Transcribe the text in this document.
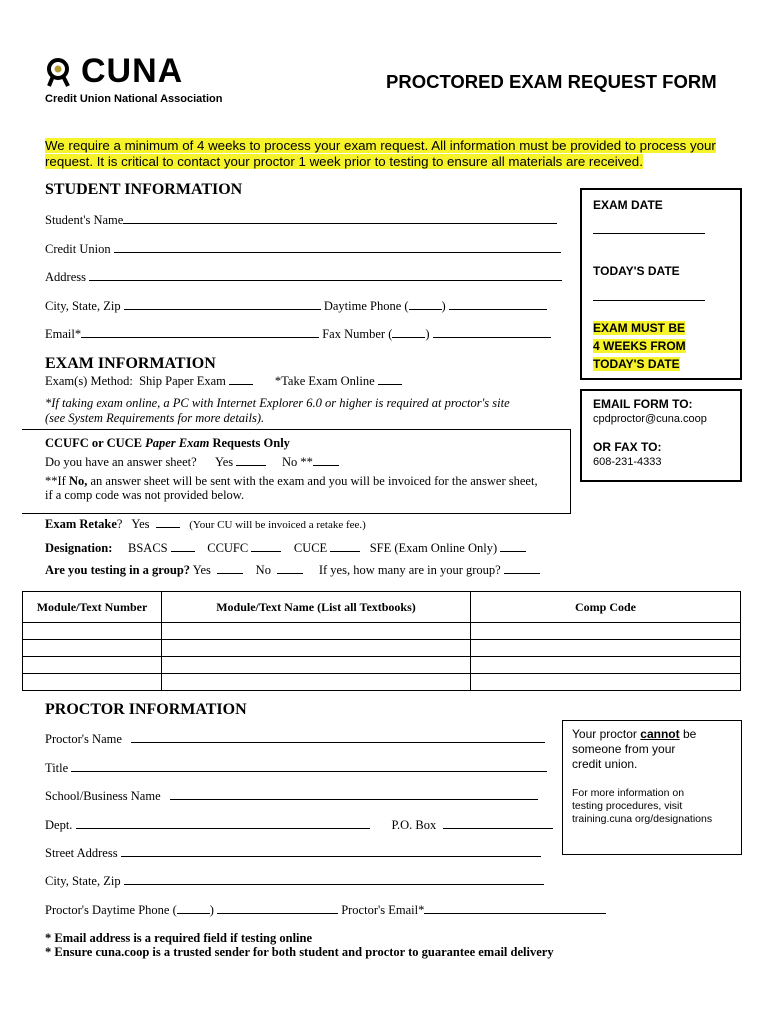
CUNA
Credit Union National Association
PROCTORED EXAM REQUEST FORM
We require a minimum of 4 weeks to process your exam request. All information must be provided to process your
request. It is critical to contact your proctor 1 week prior to testing to ensure all materials are received.
STUDENT INFORMATION
Student's Name
Credit Union
Address
City, State, Zip	Daytime Phone (	)
Email*	Fax Number (	)
EXAM DATE
TODAY'S DATE
EXAM MUST BE
4 WEEKS FROM
TODAY'S DATE
EXAM INFORMATION
Exam(s) Method: Ship Paper Exam	*Take Exam Online
*If taking exam online, a PC with Internet Explorer 6.0 or higher is required at proctor's site
(see System Requirements for more details).
CCUFC or CUCE Paper Exam Requests Only
Do you have an answer sheet? Yes	No **
**If No, an answer sheet will be sent with the exam and you will be invoiced for the answer sheet,
if a comp code was not provided below.
EMAIL FORM TO:
cpdproctor@cuna.coop
OR FAX TO:
608-231-4333
Exam Retake? Yes	(Your CU will be invoiced a retake fee.)
Designation: BSACS	CCUFC	CUCE	SFE (Exam Online Only)
Are you testing in a group? Yes	No	If yes, how many are in your group?
Module/Text Number	Module/Text Name (List all Textbooks)	Comp Code

PROCTOR INFORMATION
Proctor's Name
Title
School/Business Name
Dept.	P.O. Box
Street Address
City, State, Zip
Proctor's Daytime Phone (	)	Proctor's Email*
Your proctor cannot be
someone from your
credit union.
For more information on
testing procedures, visit
training.cuna org/designations
* Email address is a required field if testing online
* Ensure cuna.coop is a trusted sender for both student and proctor to guarantee email delivery
